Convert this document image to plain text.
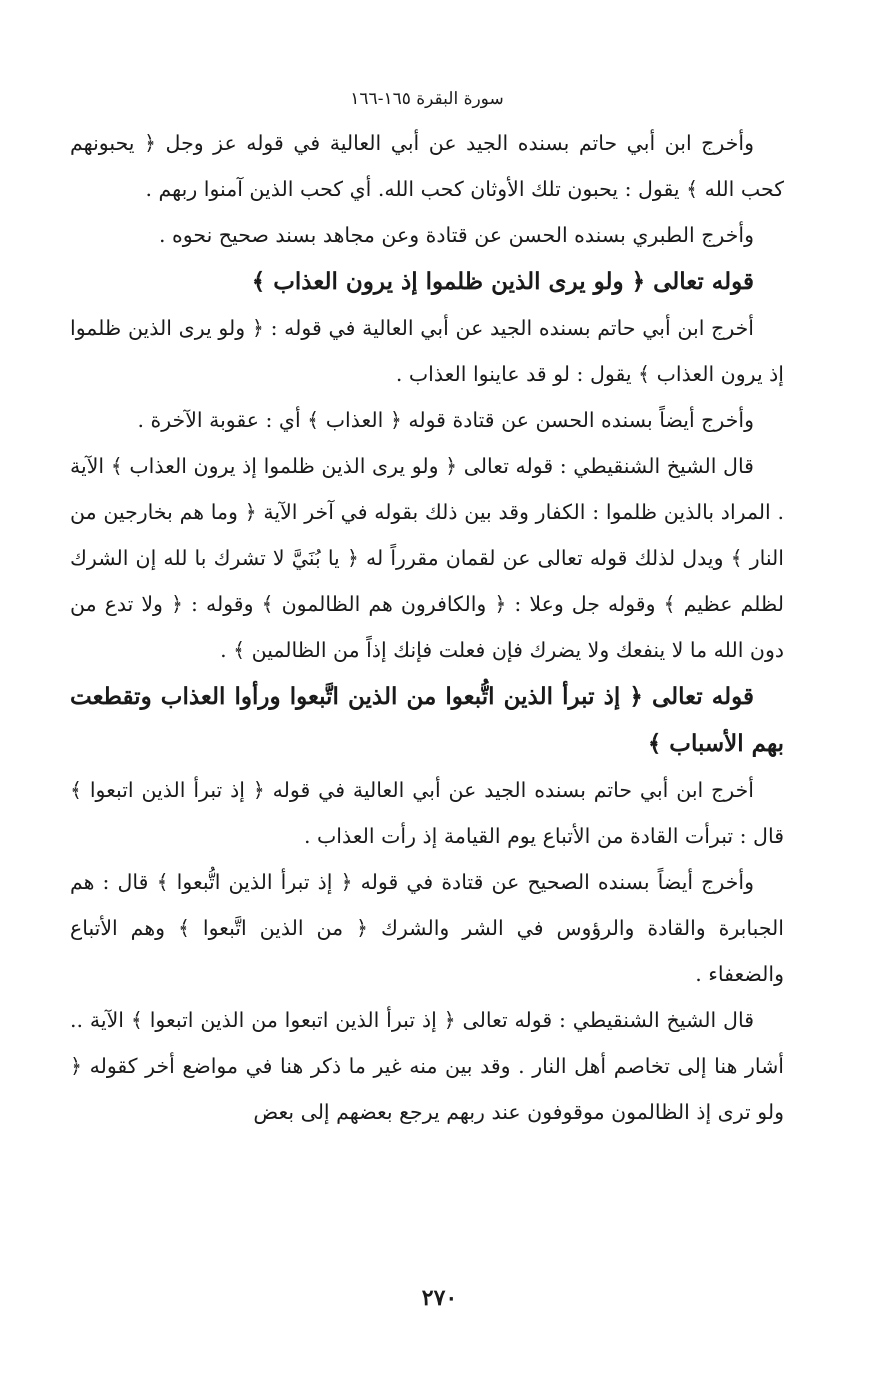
سورة البقرة ١٦٥-١٦٦

وأخرج ابن أبي حاتم بسنده الجيد عن أبي العالية في قوله عز وجل ﴿ يحبونهم كحب الله ﴾ يقول : يحبون تلك الأوثان كحب الله. أي كحب الذين آمنوا ربهم .

وأخرج الطبري بسنده الحسن عن قتادة وعن مجاهد بسند صحيح نحوه .

قوله تعالى ﴿ ولو يرى الذين ظلموا إذ يرون العذاب ﴾

أخرج ابن أبي حاتم بسنده الجيد عن أبي العالية في قوله : ﴿ ولو يرى الذين ظلموا إذ يرون العذاب ﴾ يقول : لو قد عاينوا العذاب .

وأخرج أيضاً بسنده الحسن عن قتادة قوله ﴿ العذاب ﴾ أي : عقوبة الآخرة .

قال الشيخ الشنقيطي : قوله تعالى ﴿ ولو يرى الذين ظلموا إذ يرون العذاب ﴾ الآية . المراد بالذين ظلموا : الكفار وقد بين ذلك بقوله في آخر الآية ﴿ وما هم بخارجين من النار ﴾ ويدل لذلك قوله تعالى عن لقمان مقرراً له ﴿ يا بُنَيَّ لا تشرك با لله إن الشرك لظلم عظيم ﴾ وقوله جل وعلا : ﴿ والكافرون هم الظالمون ﴾ وقوله : ﴿ ولا تدع من دون الله ما لا ينفعك ولا يضرك فإن فعلت فإنك إذاً من الظالمين ﴾ .

قوله تعالى ﴿ إذ تبرأ الذين اتُّبعوا من الذين اتَّبعوا ورأوا العذاب وتقطعت بهم الأسباب ﴾

أخرج ابن أبي حاتم بسنده الجيد عن أبي العالية في قوله ﴿ إذ تبرأ الذين اتبعوا ﴾ قال : تبرأت القادة من الأتباع يوم القيامة إذ رأت العذاب .

وأخرج أيضاً بسنده الصحيح عن قتادة في قوله ﴿ إذ تبرأ الذين اتُّبعوا ﴾ قال : هم الجبابرة والقادة والرؤوس في الشر والشرك ﴿ من الذين اتَّبعوا ﴾ وهم الأتباع والضعفاء .

قال الشيخ الشنقيطي : قوله تعالى ﴿ إذ تبرأ الذين اتبعوا من الذين اتبعوا ﴾ الآية .. أشار هنا إلى تخاصم أهل النار . وقد بين منه غير ما ذكر هنا في مواضع أخر كقوله ﴿ ولو ترى إذ الظالمون موقوفون عند ربهم يرجع بعضهم إلى بعض

٢٧٠
